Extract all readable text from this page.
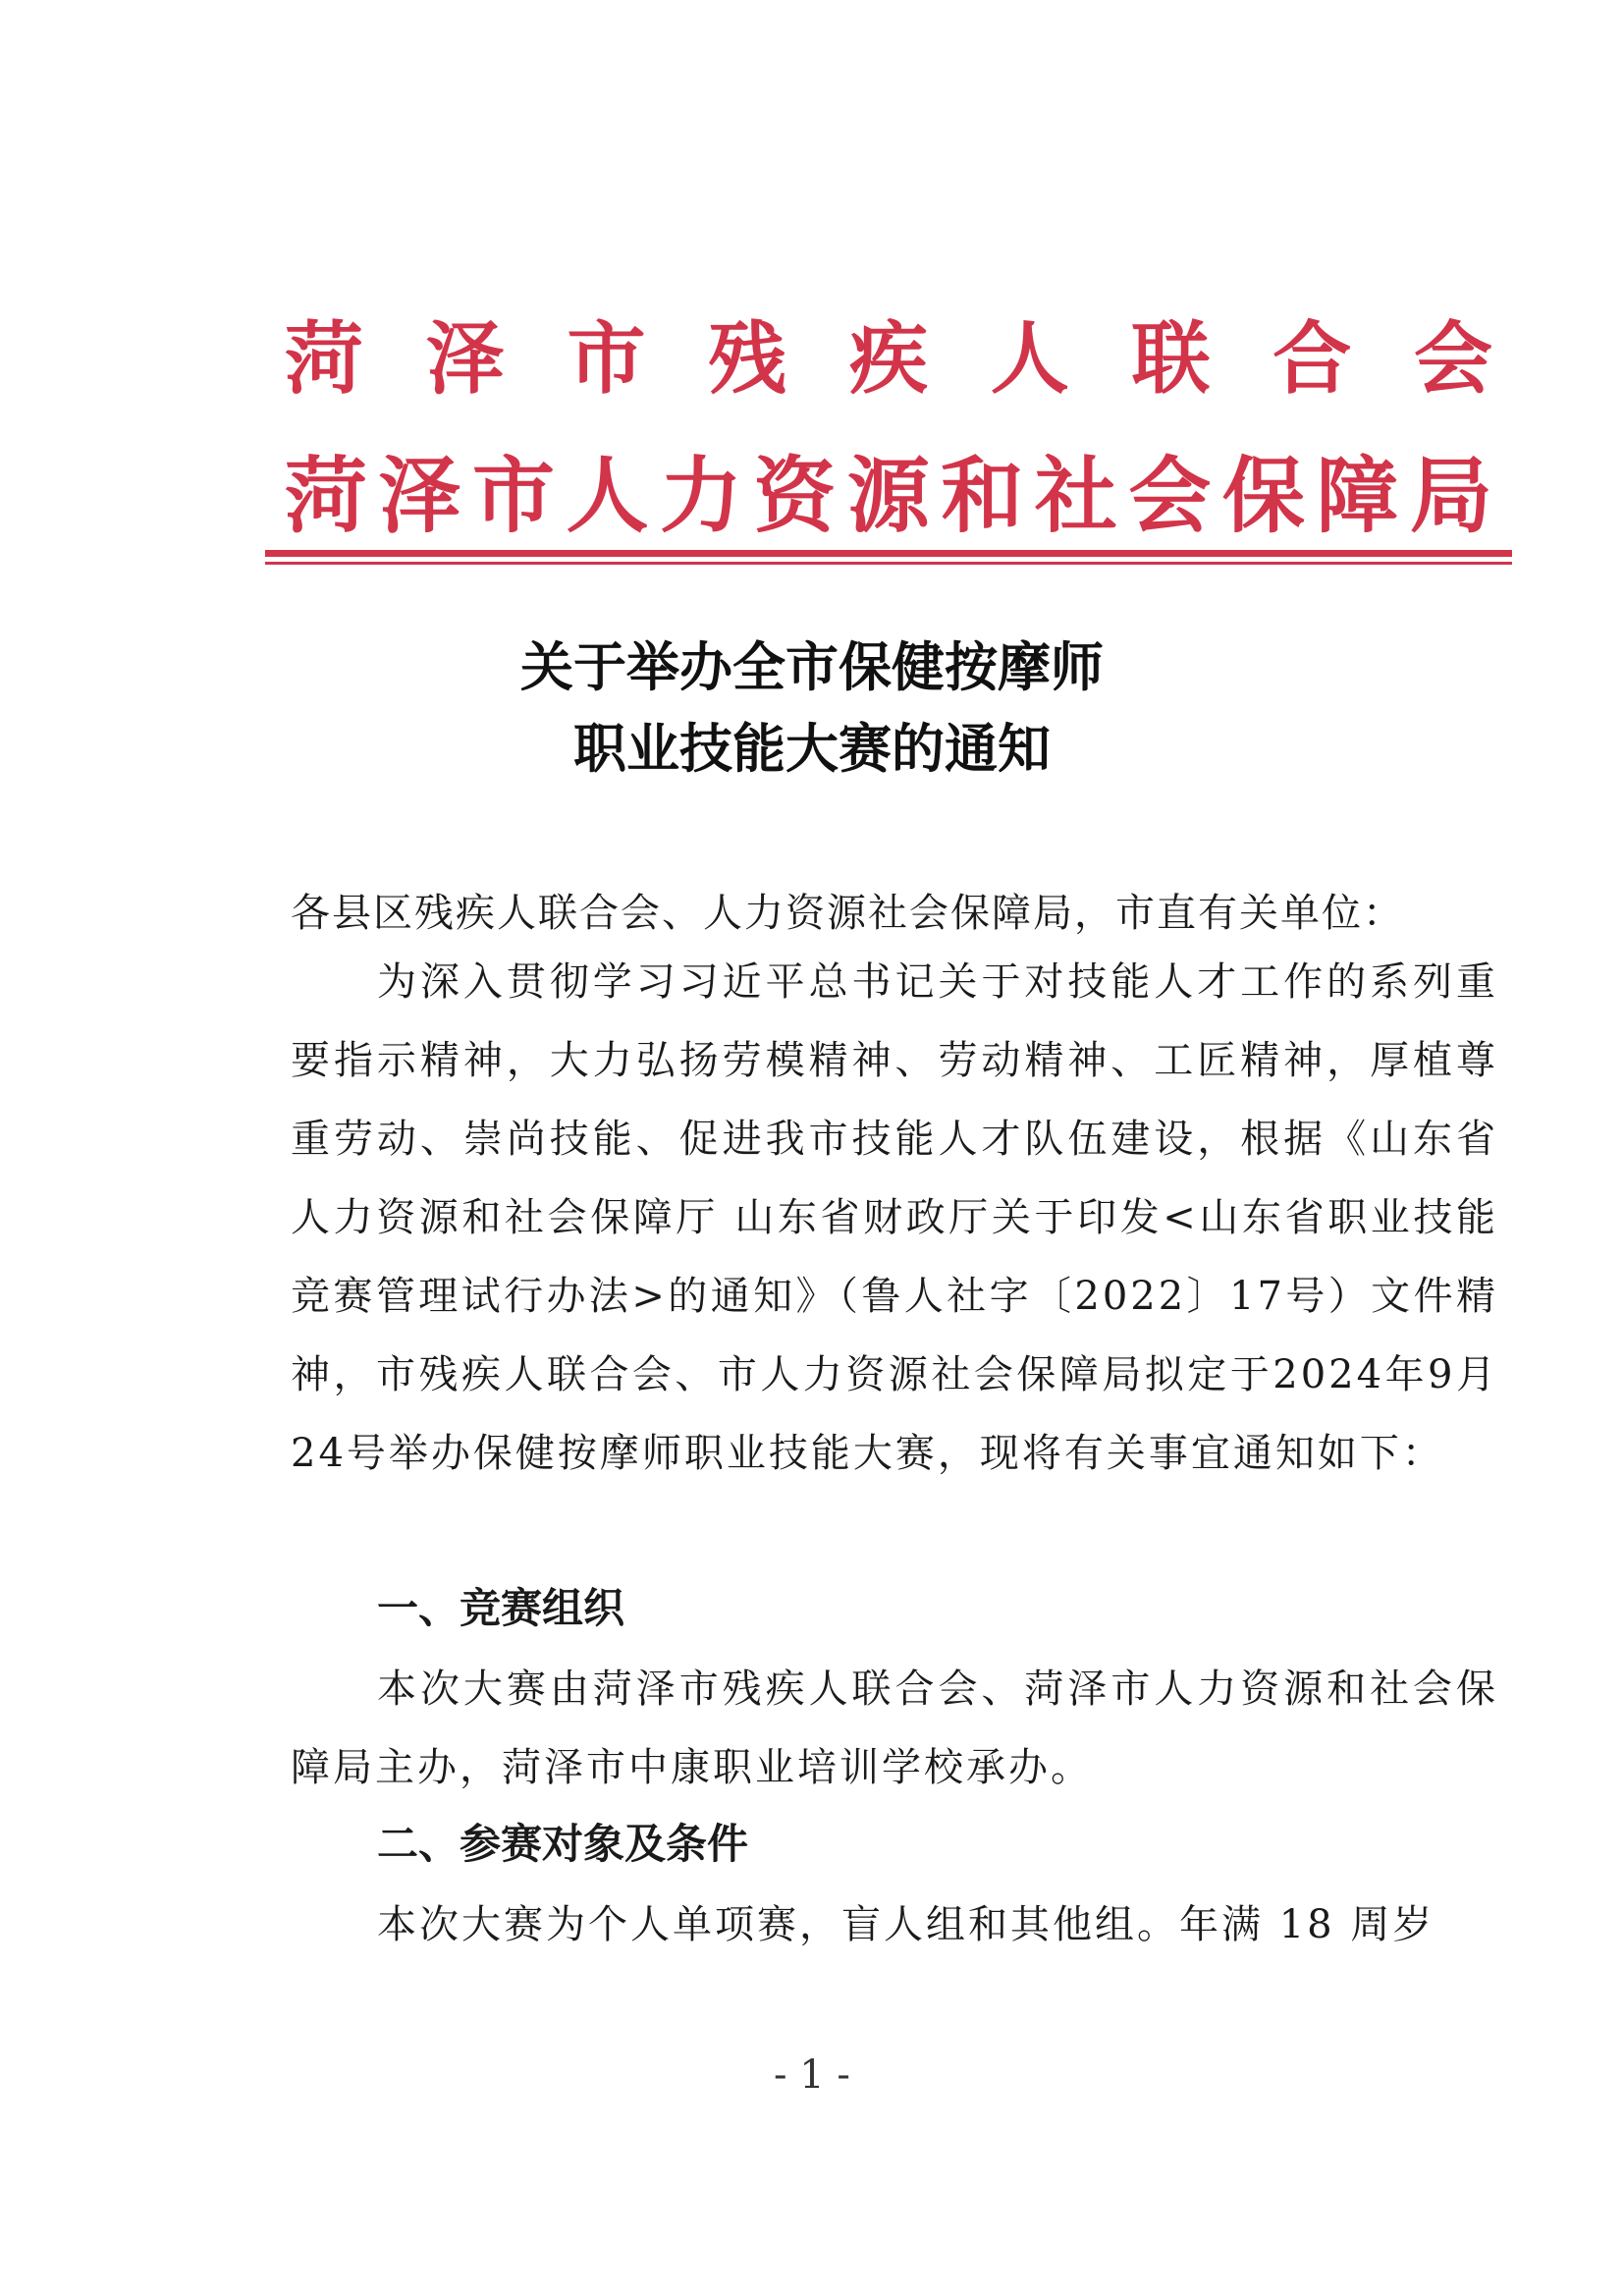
菏 泽 市 残 疾 人 联 合 会
菏 泽 市 人 力 资 源 和 社 会 保 障 局
关于举办全市保健按摩师
职业技能大赛的通知
各县区残疾人联合会、人力资源社会保障局，市直有关单位：
为深入贯彻学习习近平总书记关于对技能人才工作的系列重要指示精神，大力弘扬劳模精神、劳动精神、工匠精神，厚植尊重劳动、崇尚技能、促进我市技能人才队伍建设，根据《山东省人力资源和社会保障厅 山东省财政厅关于印发<山东省职业技能竞赛管理试行办法>的通知》（鲁人社字〔2022〕17号）文件精神，市残疾人联合会、市人力资源社会保障局拟定于2024年9月24号举办保健按摩师职业技能大赛，现将有关事宜通知如下：
一、竞赛组织
本次大赛由菏泽市残疾人联合会、菏泽市人力资源和社会保障局主办，菏泽市中康职业培训学校承办。
二、参赛对象及条件
本次大赛为个人单项赛，盲人组和其他组。年满 18 周岁
- 1 -
